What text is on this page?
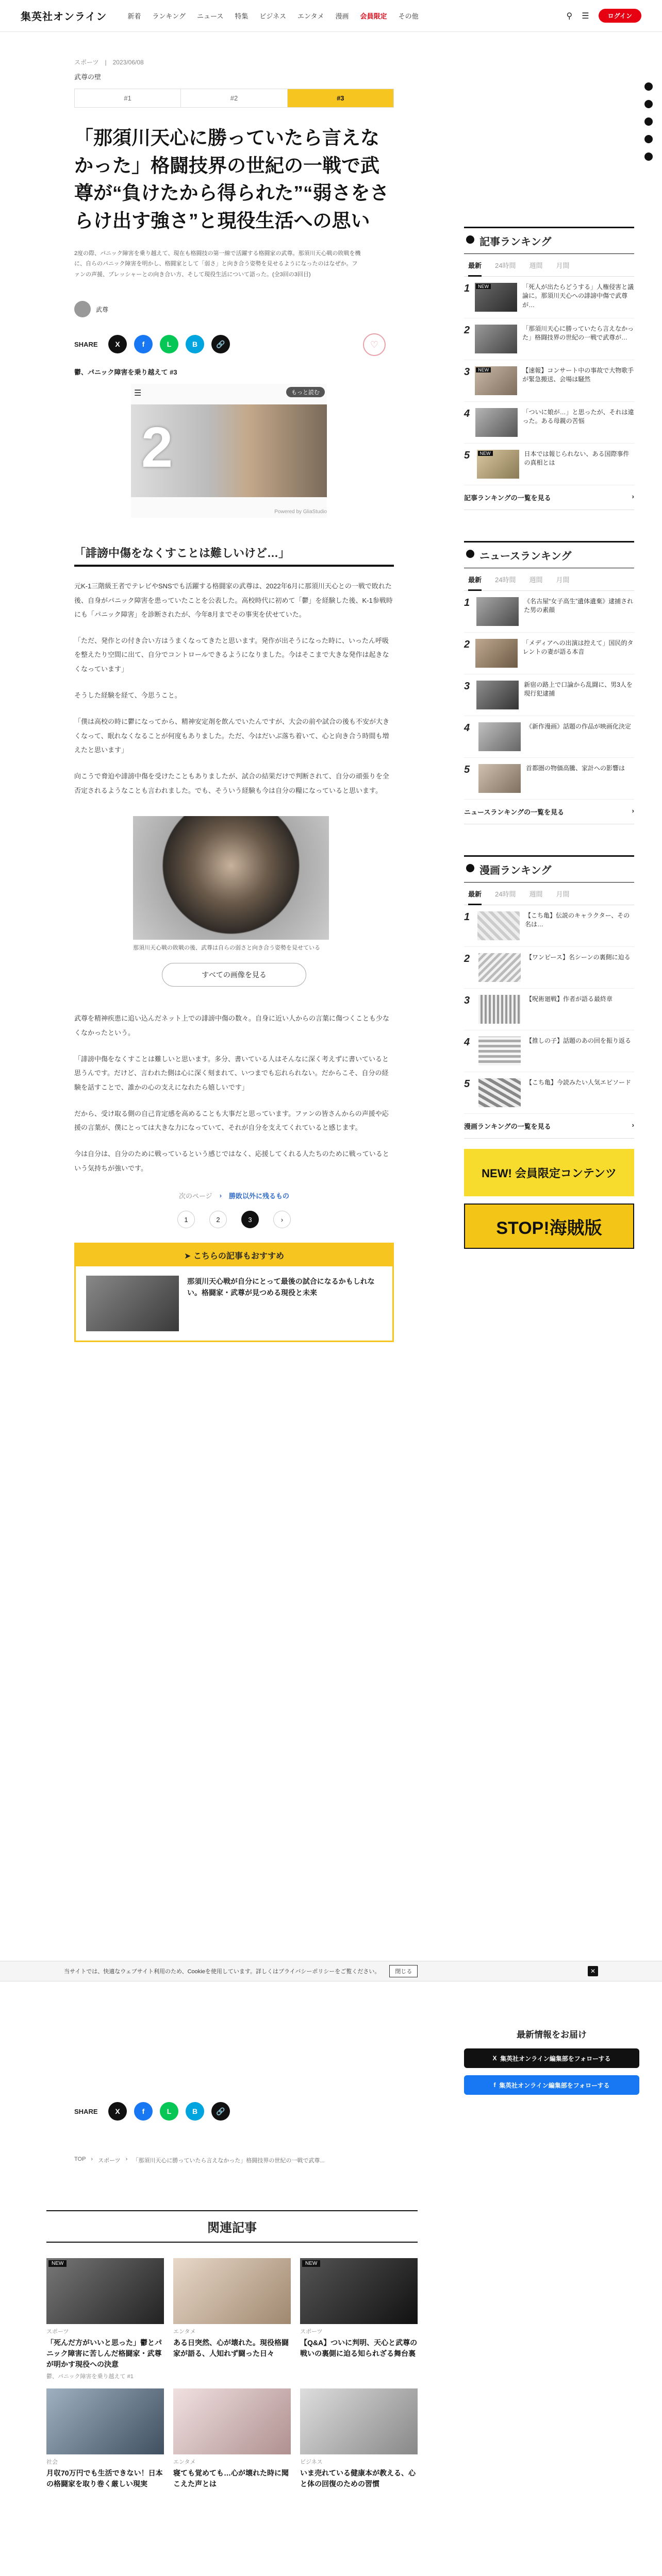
集英社オンライン	新着 ランキング ニュース 特集 ビジネス エンタメ 漫画 会員限定 その他	⚲ ☰	ログイン
スポーツ　|　2023/06/08
武尊の壁
#1	#2	#3
「那須川天心に勝っていたら言えなかった」格闘技界の世紀の一戦で武尊が“負けたから得られた”“弱さをさらけ出す強さ”と現役生活への思い

2度の際、パニック障害を乗り越えて、現在も格闘技の第一線で活躍する格闘家の武尊。那須川天心戦の敗戦を機に、自らのパニック障害を明かし、格闘家として「弱さ」と向き合う姿勢を見せるようになったのはなぜか。ファンの声援、プレッシャーとの向き合い方、そして現役生活について語った。(全3回の3回目)

♡
武尊
SHARE	X	f	L	B	🔗
鬱、パニック障害を乗り越えて #3
☰
2
もっと読む
Powered by GliaStudio
「誹謗中傷をなくすことは難しいけど…」

元K-1三階級王者でテレビやSNSでも活躍する格闘家の武尊は、2022年6月に那須川天心との一戦で敗れた後、自身がパニック障害を患っていたことを公表した。高校時代に初めて「鬱」を経験した後、K-1参戦時にも「パニック障害」を診断されたが、今年8月までその事実を伏せていた。

「ただ、発作との付き合い方はうまくなってきたと思います。発作が出そうになった時に、いったん呼吸を整えたり空間に出て、自分でコントロールできるようになりました。今はそこまで大きな発作は起きなくなっています」

そうした経験を経て、今思うこと。

「僕は高校の時に鬱になってから、精神安定剤を飲んでいたんですが、大会の前や試合の後も不安が大きくなって、眠れなくなることが何度もありました。ただ、今はだいぶ落ち着いて、心と向き合う時間も増えたと思います」

向こうで脅迫や誹謗中傷を受けたこともありましたが、試合の結果だけで判断されて、自分の頑張りを全否定されるようなことも言われました。でも、そういう経験も今は自分の糧になっていると思います。

那須川天心戦の敗戦の後、武尊は自らの弱さと向き合う姿勢を見せている
すべての画像を見る

武尊を精神疾患に追い込んだネット上での誹謗中傷の数々。自身に近い人からの言葉に傷つくことも少なくなかったという。

「誹謗中傷をなくすことは難しいと思います。多分、書いている人はそんなに深く考えずに書いていると思うんです。だけど、言われた側は心に深く刻まれて、いつまでも忘れられない。だからこそ、自分の経験を話すことで、誰かの心の支えになれたら嬉しいです」

だから、受け取る側の自己肯定感を高めることも大事だと思っています。ファンの皆さんからの声援や応援の言葉が、僕にとっては大きな力になっていて、それが自分を支えてくれていると感じます。

今は自分は、自分のために戦っているという感じではなく、応援してくれる人たちのために戦っているという気持ちが強いです。

次のページ › 勝敗以外に残るもの
1	2	3	›
➤ こちらの記事もおすすめ
那須川天心戦が自分にとって最後の試合になるかもしれない。格闘家・武尊が見つめる現役と未来
記事ランキング
最新 24時間 週間 月間
1	NEW	「死人が出たらどうする」人権侵害と議論に。那須川天心への誹謗中傷で武尊が…
2	「那須川天心に勝っていたら言えなかった」格闘技界の世紀の一戦で武尊が…
3	NEW	【速報】コンサート中の事故で大物歌手が緊急搬送、会場は騒然
4	「ついに娘が…」と思ったが、それは違った。ある母親の苦悩
5	NEW	日本では報じられない、ある国際事件の真相とは
記事ランキングの一覧を見る	›
ニュースランキング
最新 24時間 週間 月間
1	《名古屋“女子高生”遺体遺棄》逮捕された男の素顔
2	「メディアへの出演は控えて」国民的タレントの妻が語る本音
3	新宿の路上で口論から乱闘に、男3人を現行犯逮捕
4	《新作漫画》話題の作品が映画化決定
5	首都圏の物価高騰、家計への影響は
ニュースランキングの一覧を見る	›
漫画ランキング
最新 24時間 週間 月間
1	【こち亀】伝説のキャラクター、その名は…
2	【ワンピース】名シーンの裏側に迫る
3	【呪術廻戦】作者が語る最終章
4	【推しの子】話題のあの回を振り返る
5	【こち亀】今読みたい人気エピソード
漫画ランキングの一覧を見る	›
NEW! 会員限定コンテンツ
STOP!海賊版
当サイトでは、快適なウェブサイト利用のため、Cookieを使用しています。詳しくはプライバシーポリシーをご覧ください。	閉じる	✕
最新情報をお届け
X 集英社オンライン編集部をフォローする
f 集英社オンライン編集部をフォローする
SHARE	X	f	L	B	🔗
TOP › スポーツ › 「那須川天心に勝っていたら言えなかった」格闘技界の世紀の一戦で武尊...
関連記事
NEW
スポーツ
「死んだ方がいいと思った」鬱とパニック障害に苦しんだ格闘家・武尊が明かす現役への決意
鬱、パニック障害を乗り越えて #1
エンタメ
ある日突然、心が壊れた。現役格闘家が語る、人知れず闘った日々
NEW
スポーツ
【Q&A】ついに判明、天心と武尊の戦いの裏側に迫る知られざる舞台裏
社会
月収70万円でも生活できない！日本の格闘家を取り巻く厳しい現実
エンタメ
寝ても覚めても…心が壊れた時に聞こえた声とは
ビジネス
いま売れている健康本が教える、心と体の回復のための習慣
